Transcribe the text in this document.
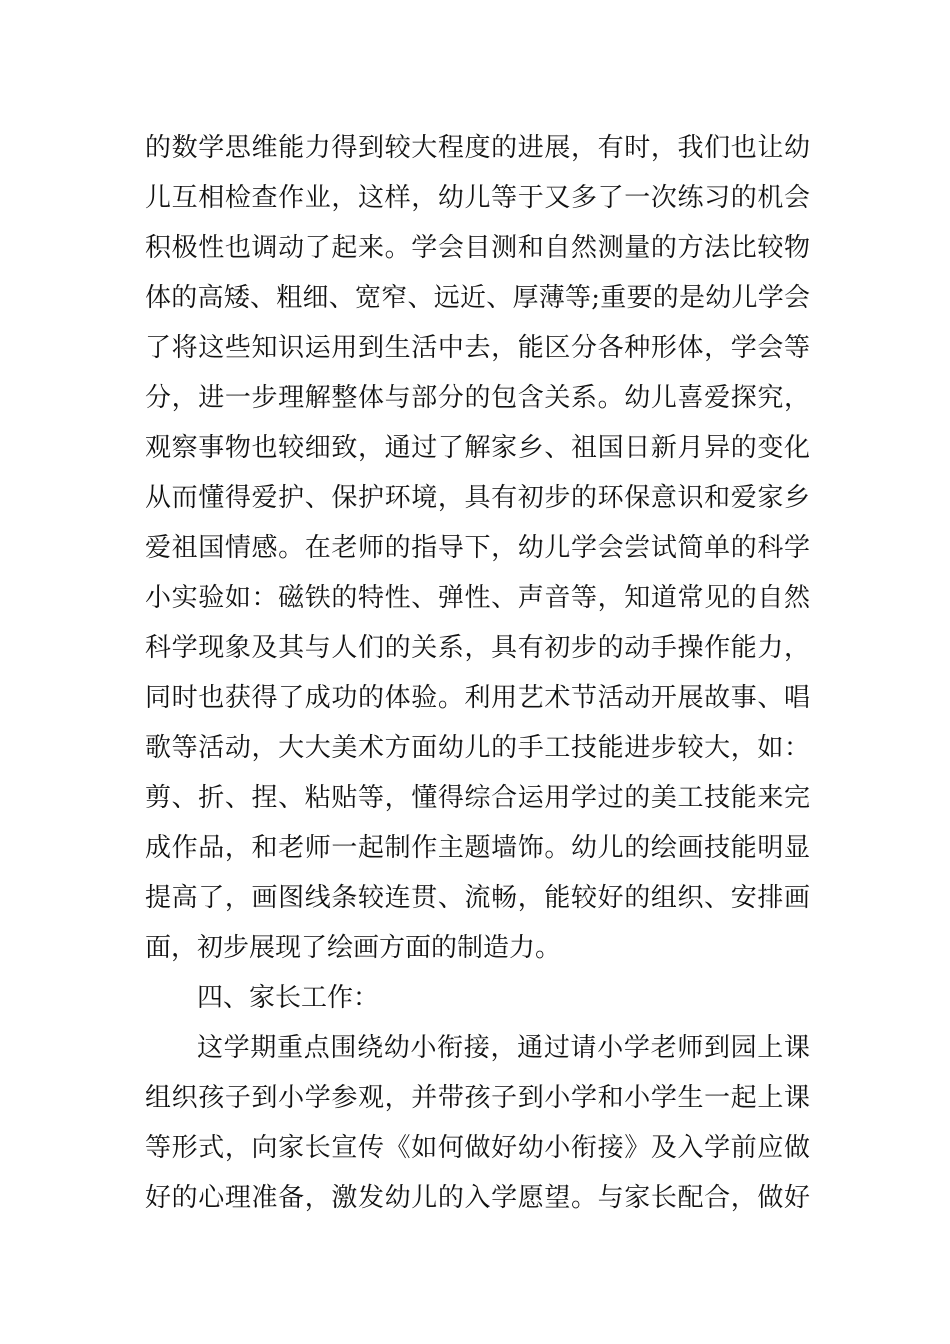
的数学思维能力得到较大程度的进展，有时，我们也让幼
儿互相检查作业，这样，幼儿等于又多了一次练习的机会
积极性也调动了起来。学会目测和自然测量的方法比较物
体的高矮、粗细、宽窄、远近、厚薄等;重要的是幼儿学会
了将这些知识运用到生活中去，能区分各种形体，学会等
分，进一步理解整体与部分的包含关系。幼儿喜爱探究，
观察事物也较细致，通过了解家乡、祖国日新月异的变化
从而懂得爱护、保护环境，具有初步的环保意识和爱家乡
爱祖国情感。在老师的指导下，幼儿学会尝试简单的科学
小实验如：磁铁的特性、弹性、声音等，知道常见的自然
科学现象及其与人们的关系，具有初步的动手操作能力，
同时也获得了成功的体验。利用艺术节活动开展故事、唱
歌等活动，大大美术方面幼儿的手工技能进步较大，如：
剪、折、捏、粘贴等，懂得综合运用学过的美工技能来完
成作品，和老师一起制作主题墙饰。幼儿的绘画技能明显
提高了，画图线条较连贯、流畅，能较好的组织、安排画
面，初步展现了绘画方面的制造力。
四、家长工作：
这学期重点围绕幼小衔接，通过请小学老师到园上课
组织孩子到小学参观，并带孩子到小学和小学生一起上课
等形式，向家长宣传《如何做好幼小衔接》及入学前应做
好的心理准备，激发幼儿的入学愿望。与家长配合，做好
